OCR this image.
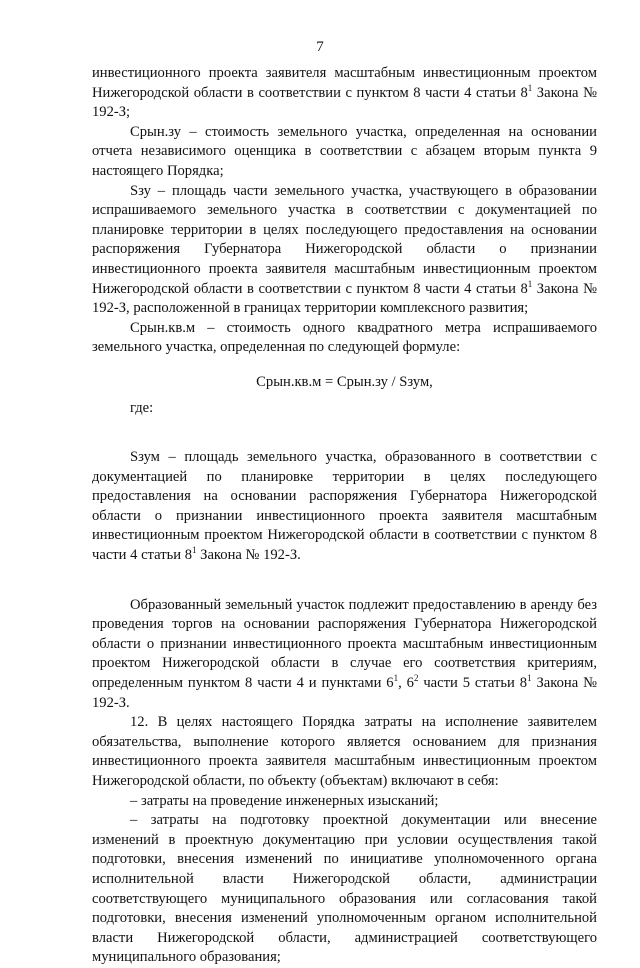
7

инвестиционного проекта заявителя масштабным инвестиционным проектом Нижегородской области в соответствии с пунктом 8 части 4 статьи $8^1$ Закона № 192-З;

Срын.зу – стоимость земельного участка, определенная на основании отчета независимого оценщика в соответствии с абзацем вторым пункта 9 настоящего Порядка;

Sзу – площадь части земельного участка, участвующего в образовании испрашиваемого земельного участка в соответствии с документацией по планировке территории в целях последующего предоставления на основании распоряжения Губернатора Нижегородской области о признании инвестиционного проекта заявителя масштабным инвестиционным проектом Нижегородской области в соответствии с пунктом 8 части 4 статьи $8^1$ Закона № 192-З, расположенной в границах территории комплексного развития;

Срын.кв.м – стоимость одного квадратного метра испрашиваемого земельного участка, определенная по следующей формуле:

Срын.кв.м = Срын.зу / Sзум,

где:

Sзум – площадь земельного участка, образованного в соответствии с документацией по планировке территории в целях последующего предоставления на основании распоряжения Губернатора Нижегородской области о признании инвестиционного проекта заявителя масштабным инвестиционным проектом Нижегородской области в соответствии с пунктом 8 части 4 статьи $8^1$ Закона № 192-З.

Образованный земельный участок подлежит предоставлению в аренду без проведения торгов на основании распоряжения Губернатора Нижегородской области о признании инвестиционного проекта масштабным инвестиционным проектом Нижегородской области в случае его соответствия критериям, определенным пунктом 8 части 4 и пунктами $6^1$, $6^2$ части 5 статьи $8^1$ Закона № 192-З.

12. В целях настоящего Порядка затраты на исполнение заявителем обязательства, выполнение которого является основанием для признания инвестиционного проекта заявителя масштабным инвестиционным проектом Нижегородской области, по объекту (объектам) включают в себя:

– затраты на проведение инженерных изысканий;

– затраты на подготовку проектной документации или внесение изменений в проектную документацию при условии осуществления такой подготовки, внесения изменений по инициативе уполномоченного органа исполнительной власти Нижегородской области, администрации соответствующего муниципального образования или согласования такой подготовки, внесения изменений уполномоченным органом исполнительной власти Нижегородской области, администрацией соответствующего муниципального образования;
